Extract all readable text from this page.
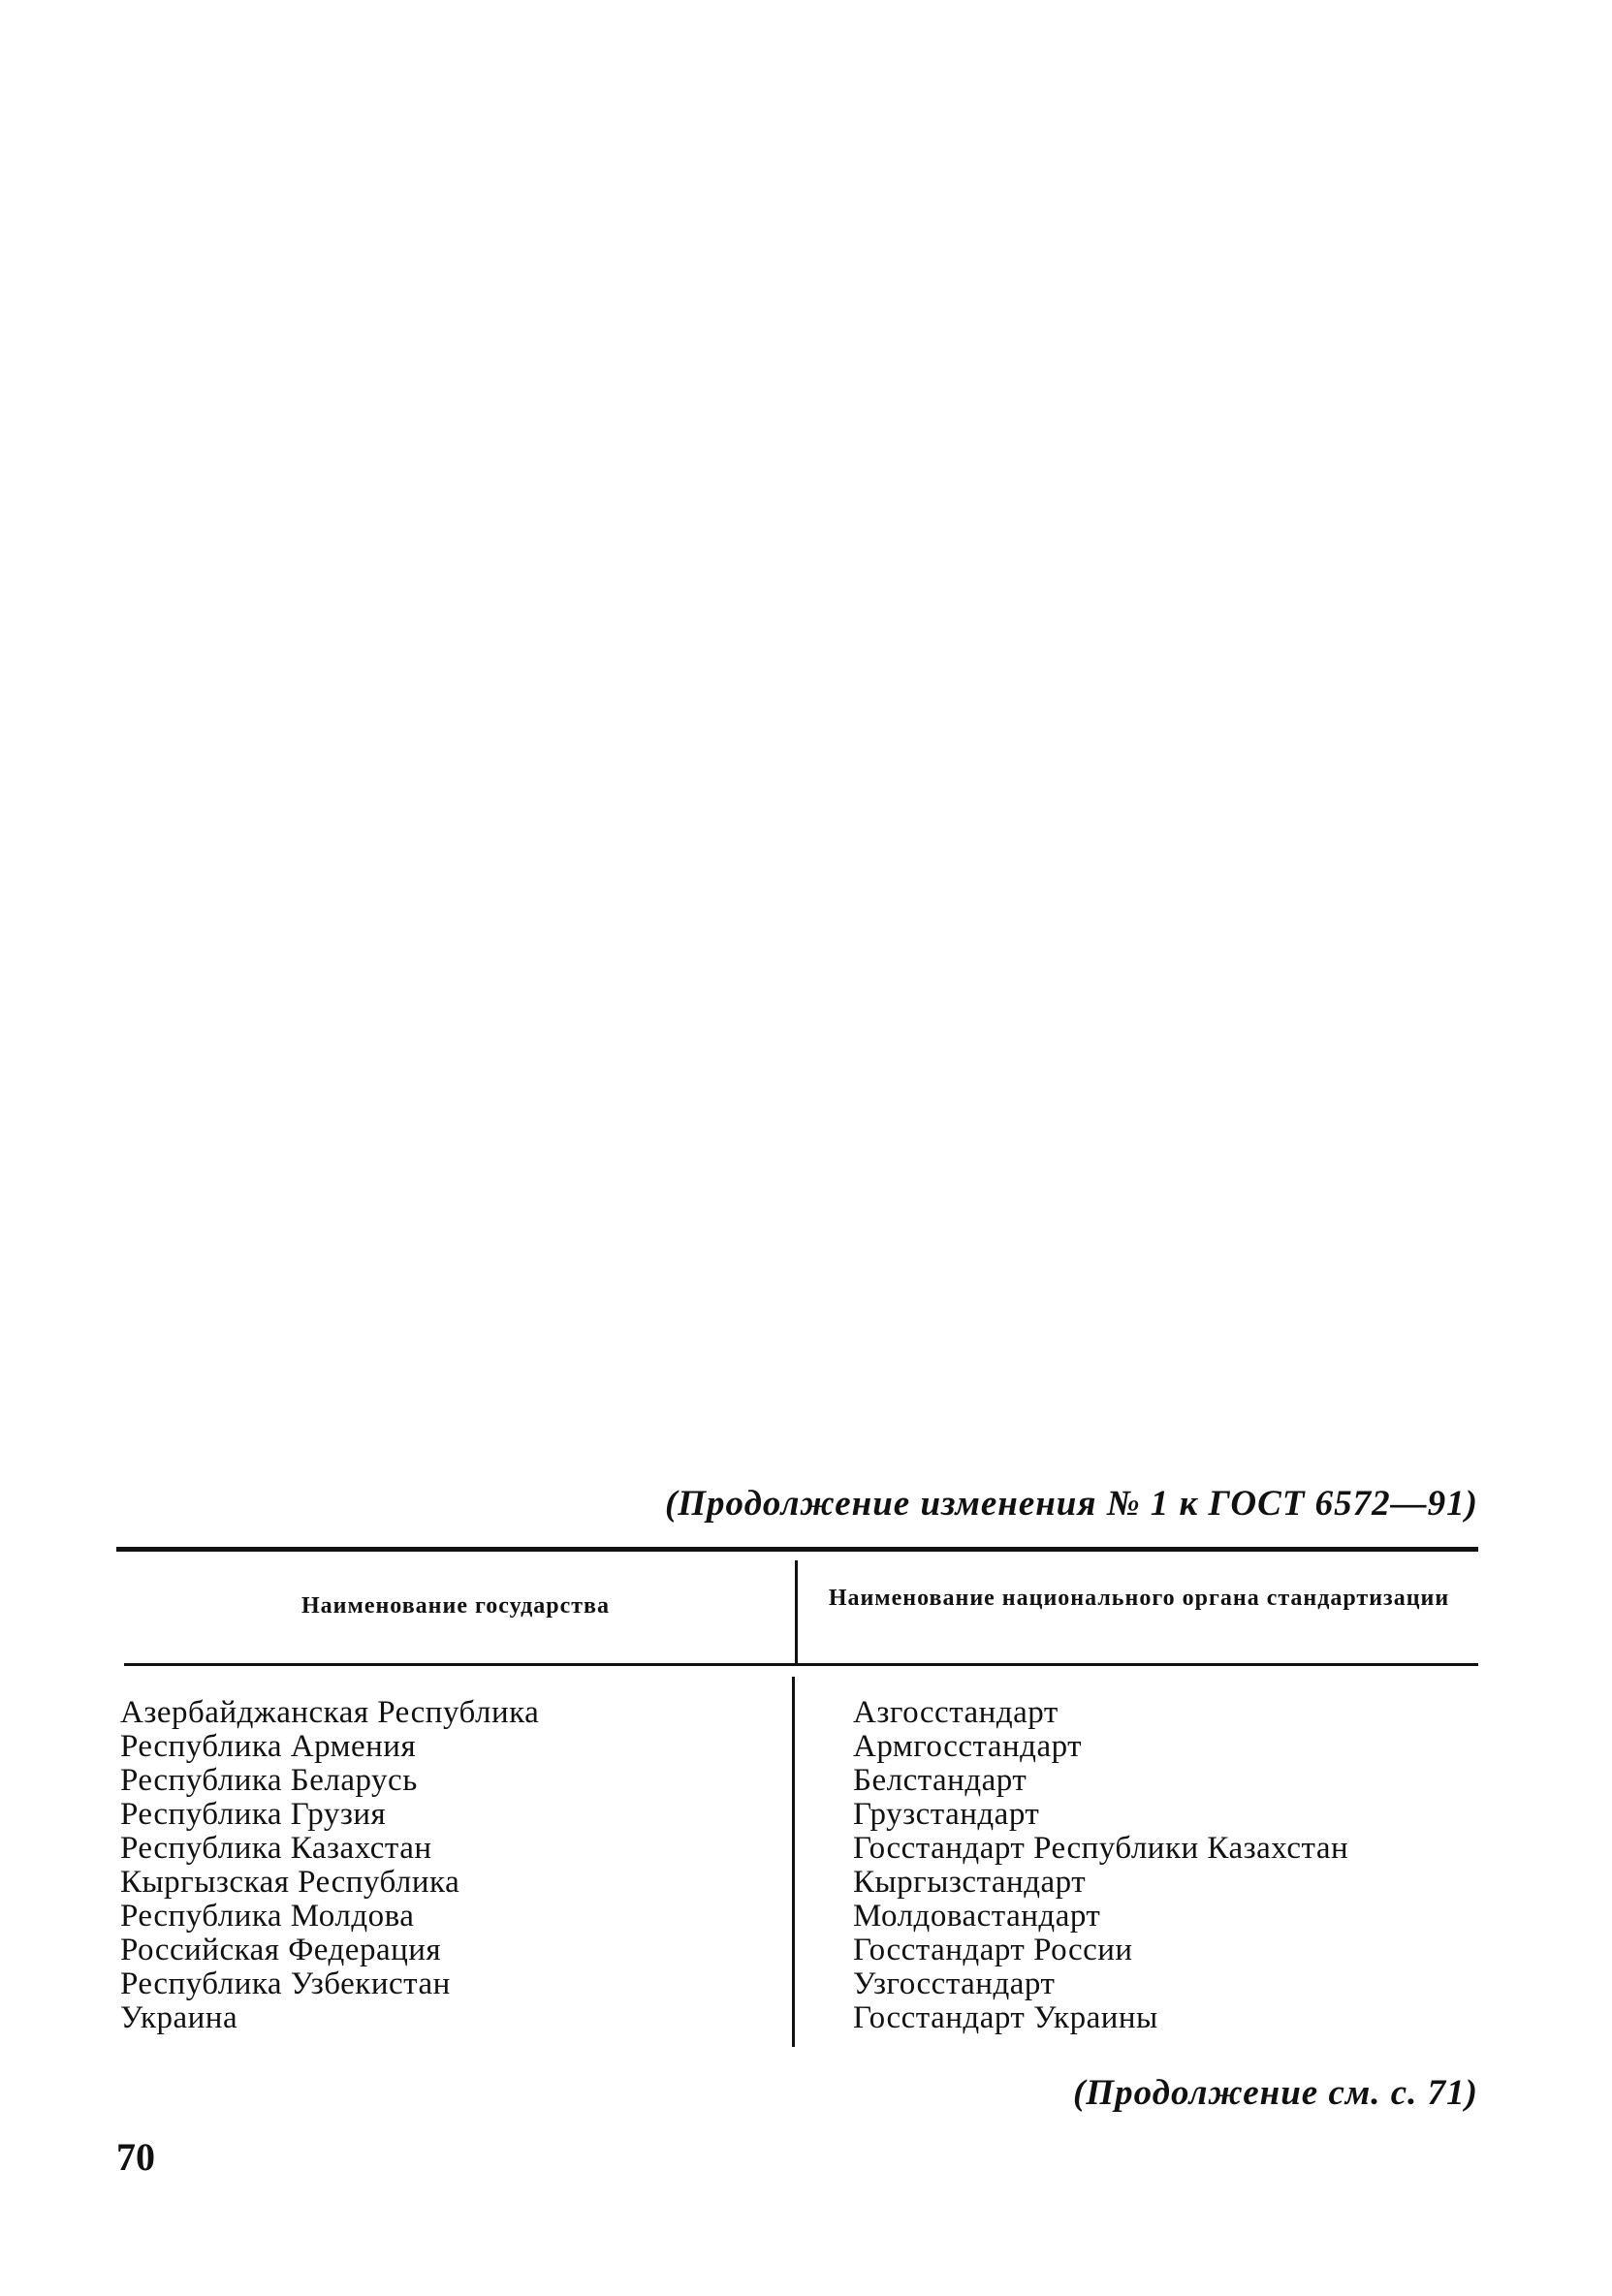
(Продолжение изменения № 1 к ГОСТ 6572—91)
Наименование государства	Наименование национального органа стандартизации
Азербайджанская Республика
Республика Армения
Республика Беларусь
Республика Грузия
Республика Казахстан
Кыргызская Республика
Республика Молдова
Российская Федерация
Республика Узбекистан
Украина
Азгосстандарт
Армгосстандарт
Белстандарт
Грузстандарт
Госстандарт Республики Казахстан
Кыргызстандарт
Молдовастандарт
Госстандарт России
Узгосстандарт
Госстандарт Украины
(Продолжение см. с. 71)
70
